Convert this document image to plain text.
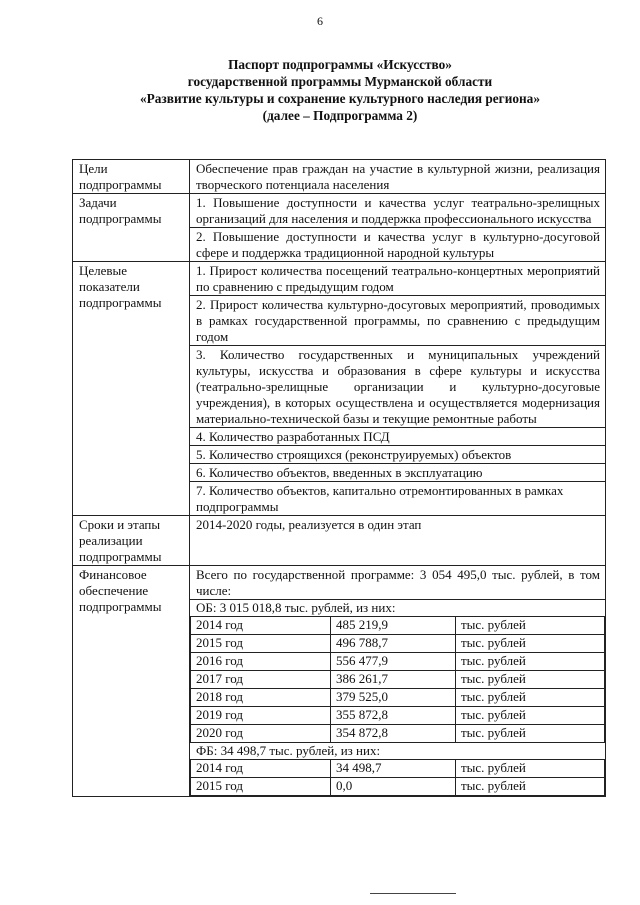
6
Паспорт подпрограммы «Искусство»
государственной программы Мурманской области
«Развитие культуры и сохранение культурного наследия региона»
(далее – Подпрограмма 2)
Цели подпрограммы	Обеспечение прав граждан на участие в культурной жизни, реализация творческого потенциала населения
Задачи подпрограммы	1. Повышение доступности и качества услуг театрально-зрелищных организаций для населения и поддержка профессионального искусства
2. Повышение доступности и качества услуг в культурно-досуговой сфере и поддержка традиционной народной культуры
Целевые показатели подпрограммы	1. Прирост количества посещений театрально-концертных мероприятий по сравнению с предыдущим годом
2. Прирост количества культурно-досуговых мероприятий, проводимых в рамках государственной программы, по сравнению с предыдущим годом
3. Количество государственных и муниципальных учреждений культуры, искусства и образования в сфере культуры и искусства (театрально-зрелищные организации и культурно-досуговые учреждения), в которых осуществлена и осуществляется модернизация материально-технической базы и текущие ремонтные работы
4. Количество разработанных ПСД
5. Количество строящихся (реконструируемых) объектов
6. Количество объектов, введенных в эксплуатацию
7. Количество объектов, капитально отремонтированных в рамках подпрограммы
Сроки и этапы реализации подпрограммы	2014-2020 годы, реализуется в один этап
Финансовое обеспечение подпрограммы	
Всего по государственной программе: 3 054 495,0 тыс. рублей, в том числе:
ОБ: 3 015 018,8 тыс. рублей, из них:
2014 год	485 219,9	тыс. рублей
2015 год	496 788,7	тыс. рублей
2016 год	556 477,9	тыс. рублей
2017 год	386 261,7	тыс. рублей
2018 год	379 525,0	тыс. рублей
2019 год	355 872,8	тыс. рублей
2020 год	354 872,8	тыс. рублей
ФБ: 34 498,7 тыс. рублей, из них:
2014 год	34 498,7	тыс. рублей
2015 год	0,0	тыс. рублей
